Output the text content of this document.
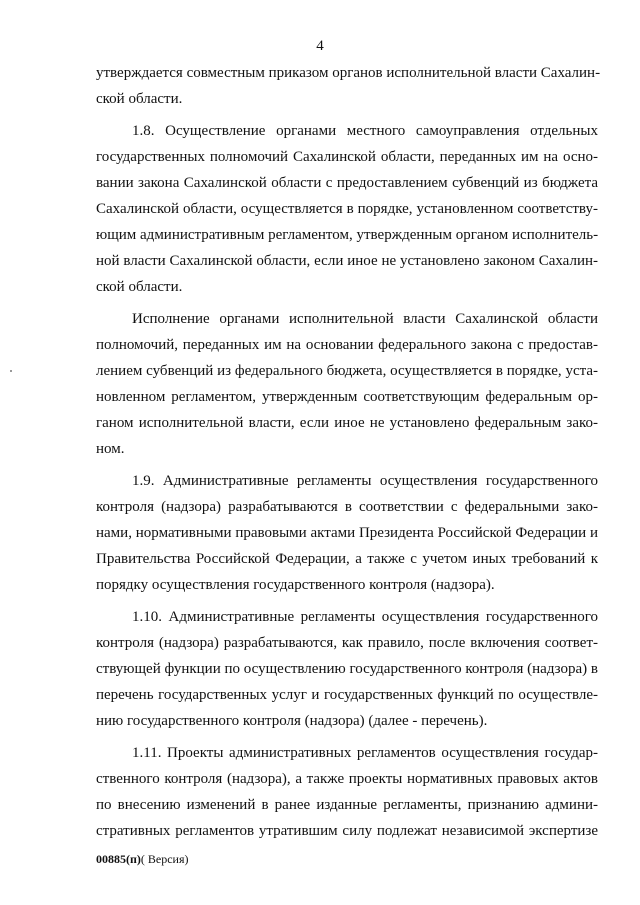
4

утверждается совместным приказом органов исполнительной власти Сахалин-
ской области.

1.8. Осуществление органами местного самоуправления отдельных
государственных полномочий Сахалинской области, переданных им на осно-
вании закона Сахалинской области с предоставлением субвенций из бюджета
Сахалинской области, осуществляется в порядке, установленном соответству-
ющим административным регламентом, утвержденным органом исполнитель-
ной власти Сахалинской области, если иное не установлено законом Сахалин-
ской области.

Исполнение органами исполнительной власти Сахалинской области
полномочий, переданных им на основании федерального закона с предостав-
лением субвенций из федерального бюджета, осуществляется в порядке, уста-
новленном регламентом, утвержденным соответствующим федеральным ор-
ганом исполнительной власти, если иное не установлено федеральным зако-
ном.

1.9. Административные регламенты осуществления государственного
контроля (надзора) разрабатываются в соответствии с федеральными зако-
нами, нормативными правовыми актами Президента Российской Федерации и
Правительства Российской Федерации, а также с учетом иных требований к
порядку осуществления государственного контроля (надзора).

1.10. Административные регламенты осуществления государственного
контроля (надзора) разрабатываются, как правило, после включения соответ-
ствующей функции по осуществлению государственного контроля (надзора) в
перечень государственных услуг и государственных функций по осуществле-
нию государственного контроля (надзора) (далее - перечень).

1.11. Проекты административных регламентов осуществления государ-
ственного контроля (надзора), а также проекты нормативных правовых актов
по внесению изменений в ранее изданные регламенты, признанию админи-
стративных регламентов утратившим силу подлежат независимой экспертизе

00885(п)( Версия)
